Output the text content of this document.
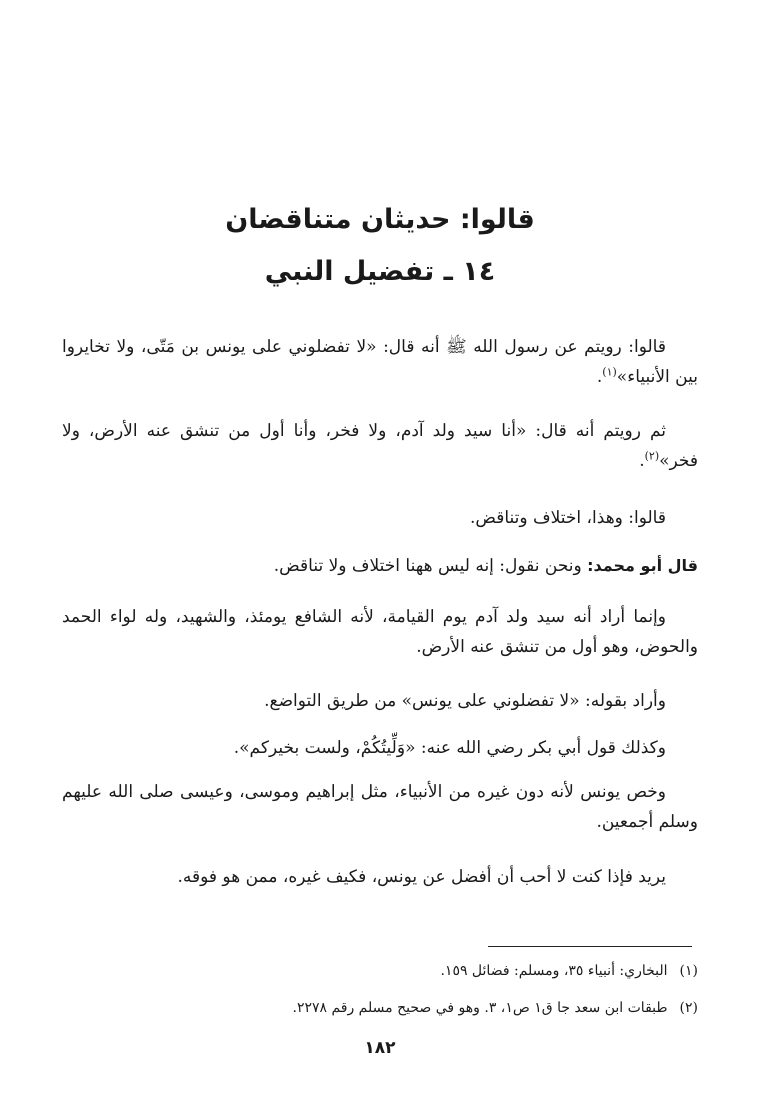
قالوا: حديثان متناقضان
١٤ ـ تفضيل النبي

قالوا: رويتم عن رسول الله ﷺ أنه قال: «لا تفضلوني على يونس بن مَتّى، ولا تخايروا بين الأنبياء»$^{(١)}$.

ثم رويتم أنه قال: «أنا سيد ولد آدم، ولا فخر، وأنا أول من تنشق عنه الأرض، ولا فخر»$^{(٢)}$.

قالوا: وهذا، اختلاف وتناقض.

قال أبو محمد: ونحن نقول: إنه ليس ههنا اختلاف ولا تناقض.

وإنما أراد أنه سيد ولد آدم يوم القيامة، لأنه الشافع يومئذ، والشهيد، وله لواء الحمد والحوض، وهو أول من تنشق عنه الأرض.

وأراد بقوله: «لا تفضلوني على يونس» من طريق التواضع.

وكذلك قول أبي بكر رضي الله عنه: «وَلِّيتُكُمْ، ولست بخيركم».

وخص يونس لأنه دون غيره من الأنبياء، مثل إبراهيم وموسى، وعيسى صلى الله عليهم وسلم أجمعين.

يريد فإذا كنت لا أحب أن أفضل عن يونس، فكيف غيره، ممن هو فوقه.

(١)البخاري: أنبياء ٣٥، ومسلم: فضائل ١٥٩.

(٢)طبقات ابن سعد جا ق١ ص١، ٣. وهو في صحيح مسلم رقم ٢٢٧٨.

١٨٢
